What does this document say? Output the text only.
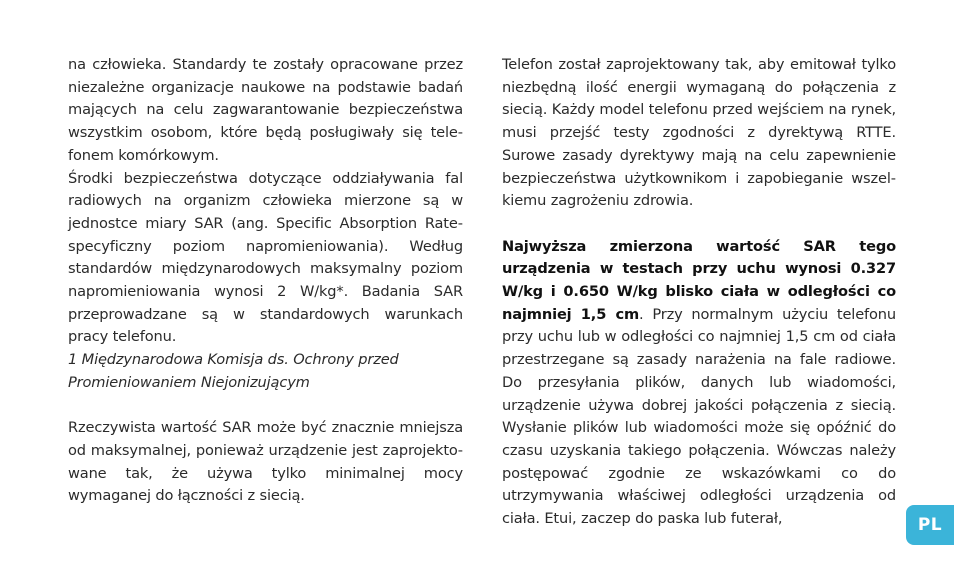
na człowieka. Standardy te zostały opracowane przez niezależne organizacje naukowe na podstawie badań mających na celu zagwarantowanie bezpieczeństwa wszystkim osobom, które będą posługiwały się telefonem komórkowym.

Środki bezpieczeństwa dotyczące oddziaływania fal radiowych na organizm człowieka mierzone są w jednostce miary SAR (ang. Specific Absorption Ratespecyficzny poziom napromieniowania). Według standardów międzynarodowych maksymalny poziom napromieniowania wynosi 2 W/kg*. Badania SAR przeprowadzane są w standardowych warunkach pracy telefonu.

1 Międzynarodowa Komisja ds. Ochrony przed Promieniowaniem Niejonizującym

Rzeczywista wartość SAR może być znacznie mniejsza od maksymalnej, ponieważ urządzenie jest zaprojektowane tak, że używa tylko minimalnej mocy wymaganej do łączności z siecią.

Telefon został zaprojektowany tak, aby emitował tylko niezbędną ilość energii wymaganą do połączenia z siecią. Każdy model telefonu przed wejściem na rynek, musi przejść testy zgodności z dyrektywą RTTE. Surowe zasady dyrektywy mają na celu zapewnienie bezpieczeństwa użytkownikom i zapobieganie wszelkiemu zagrożeniu zdrowia.

Najwyższa zmierzona wartość SAR tego urządzenia w testach przy uchu wynosi 0.327 W/kg i 0.650 W/kg blisko ciała w odległości co najmniej 1,5 cm. Przy normalnym użyciu telefonu przy uchu lub w odległości co najmniej 1,5 cm od ciała przestrzegane są zasady narażenia na fale radiowe. Do przesyłania plików, danych lub wiadomości, urządzenie używa dobrej jakości połączenia z siecią. Wysłanie plików lub wiadomości może się opóźnić do czasu uzyskania takiego połączenia. Wówczas należy postępować zgodnie ze wskazówkami co do utrzymywania właściwej odległości urządzenia od ciała. Etui, zaczep do paska lub futerał,	PL
